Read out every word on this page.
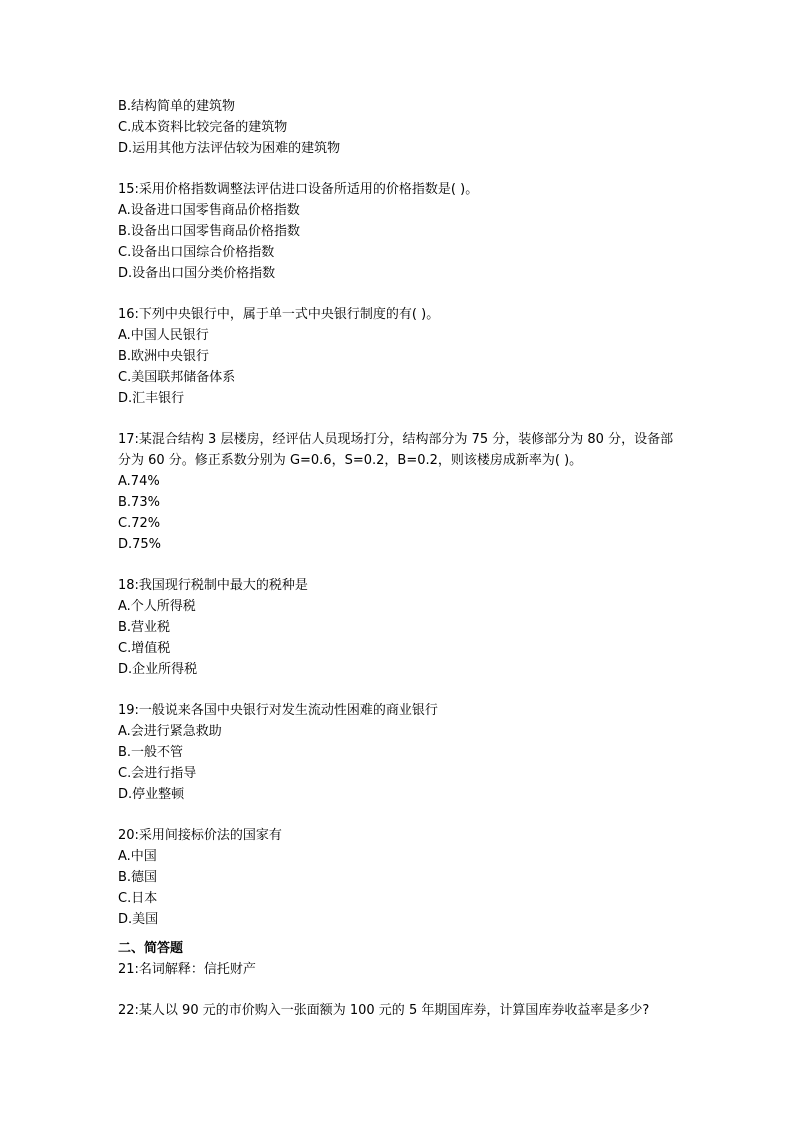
B.结构简单的建筑物
C.成本资料比较完备的建筑物
D.运用其他方法评估较为困难的建筑物
15:采用价格指数调整法评估进口设备所适用的价格指数是( )。
A.设备进口国零售商品价格指数
B.设备出口国零售商品价格指数
C.设备出口国综合价格指数
D.设备出口国分类价格指数
16:下列中央银行中，属于单一式中央银行制度的有( )。
A.中国人民银行
B.欧洲中央银行
C.美国联邦储备体系
D.汇丰银行
17:某混合结构 3 层楼房，经评估人员现场打分，结构部分为 75 分，装修部分为 80 分，设备部分为 60 分。修正系数分别为 G=0.6，S=0.2，B=0.2，则该楼房成新率为( )。
A.74%
B.73%
C.72%
D.75%
18:我国现行税制中最大的税种是
A.个人所得税
B.营业税
C.增值税
D.企业所得税
19:一般说来各国中央银行对发生流动性困难的商业银行
A.会进行紧急救助
B.一般不管
C.会进行指导
D.停业整顿
20:采用间接标价法的国家有
A.中国
B.德国
C.日本
D.美国
二、简答题
21:名词解释：信托财产
22:某人以 90 元的市价购入一张面额为 100 元的 5 年期国库券，计算国库券收益率是多少?
